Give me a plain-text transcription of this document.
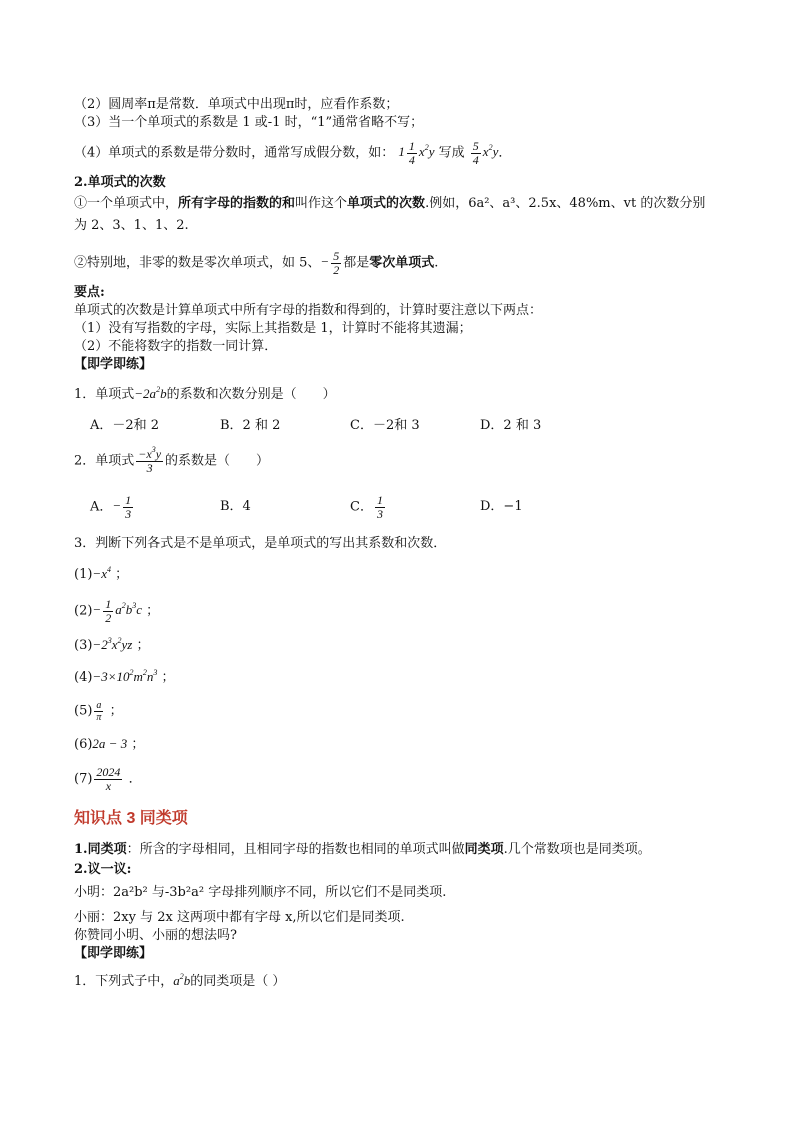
（2）圆周率π是常数．单项式中出现π时，应看作系数；
（3）当一个单项式的系数是 1 或-1 时，“1”通常省略不写；
（4）单项式的系数是带分数时，通常写成假分数，如： $1 \frac{1}{4} x^2y$ 写成 $\frac{5}{4} x^2y$．
2.单项式的次数
①一个单项式中，所有字母的指数的和叫作这个单项式的次数.例如，6a²、a³、2.5x、48%m、vt 的次数分别
为 2、3、1、1、2.
②特别地，非零的数是零次单项式，如 5、− $\frac{5}{2}$ 都是零次单项式.
要点:
单项式的次数是计算单项式中所有字母的指数和得到的，计算时要注意以下两点：
（1）没有写指数的字母，实际上其指数是 1，计算时不能将其遗漏；
（2）不能将数字的指数一同计算．
【即学即练】
1．单项式$-2a^2b$的系数和次数分别是（　　）
A．－2和 2	B．2 和 2	C．－2和 3	D．2 和 3
2．单项式 $\frac{-x^3y}{3}$ 的系数是（　　）
A．− $\frac{1}{3}$	B．4	C． $\frac{1}{3}$	D．−1
3．判断下列各式是不是单项式，是单项式的写出其系数和次数．
$(1)-x^4$ ；
$(2)- \frac{1}{2} a^2b^3c$ ；
$(3)-2^3x^2yz$ ；
$(4)-3\times 10^2m^2n^3$ ；
$(5) \frac{a}{\pi}$ ；
(6)2a − 3 ；
$(7) \frac{2024}{x}$ ．
知识点 3 同类项
1.同类项：所含的字母相同，且相同字母的指数也相同的单项式叫做同类项.几个常数项也是同类项。
2.议一议:
小明：2a²b² 与-3b²a² 字母排列顺序不同，所以它们不是同类项.
小丽：2xy 与 2x 这两项中都有字母 x,所以它们是同类项.
你赞同小明、小丽的想法吗?
【即学即练】
1．下列式子中，$a^2b$的同类项是（ ）
